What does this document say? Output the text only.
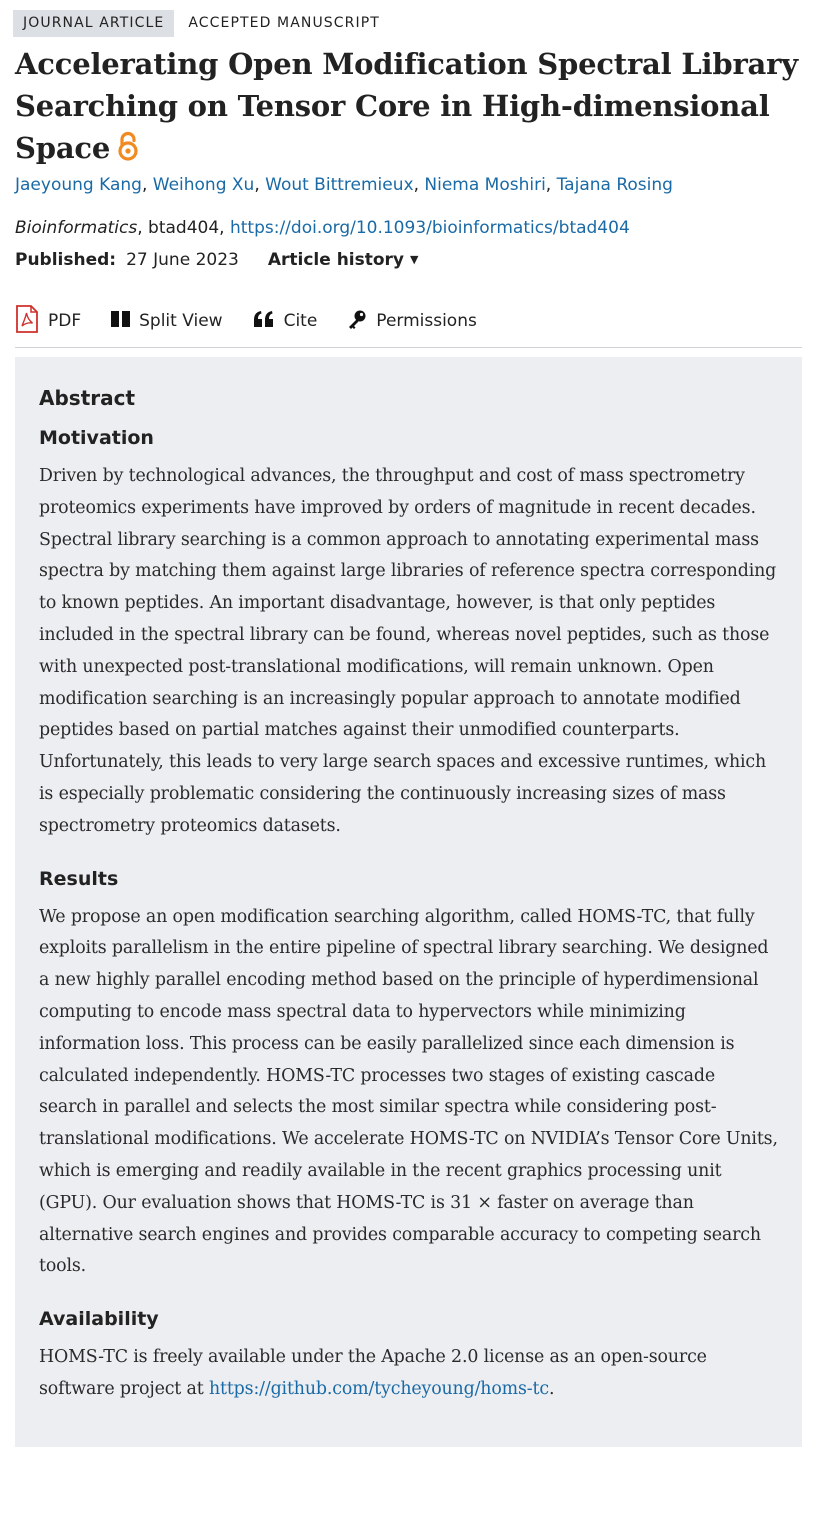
JOURNAL ARTICLE	ACCEPTED MANUSCRIPT
Accelerating Open Modification Spectral Library Searching on Tensor Core in High-dimensional Space
Jaeyoung Kang, Weihong Xu, Wout Bittremieux, Niema Moshiri, Tajana Rosing
Bioinformatics, btad404, https://doi.org/10.1093/bioinformatics/btad404
Published: 27 June 2023 Article history ▼
PDF	Split View	Cite	Permissions
Abstract
Motivation

Driven by technological advances, the throughput and cost of mass spectrometry proteomics experiments have improved by orders of magnitude in recent decades. Spectral library searching is a common approach to annotating experimental mass spectra by matching them against large libraries of reference spectra corresponding to known peptides. An important disadvantage, however, is that only peptides included in the spectral library can be found, whereas novel peptides, such as those with unexpected post-translational modifications, will remain unknown. Open modification searching is an increasingly popular approach to annotate modified peptides based on partial matches against their unmodified counterparts. Unfortunately, this leads to very large search spaces and excessive runtimes, which is especially problematic considering the continuously increasing sizes of mass spectrometry proteomics datasets.

Results

We propose an open modification searching algorithm, called HOMS-TC, that fully exploits parallelism in the entire pipeline of spectral library searching. We designed a new highly parallel encoding method based on the principle of hyperdimensional computing to encode mass spectral data to hypervectors while minimizing information loss. This process can be easily parallelized since each dimension is calculated independently. HOMS-TC processes two stages of existing cascade search in parallel and selects the most similar spectra while considering post-translational modifications. We accelerate HOMS-TC on NVIDIA’s Tensor Core Units, which is emerging and readily available in the recent graphics processing unit (GPU). Our evaluation shows that HOMS-TC is 31 × faster on average than alternative search engines and provides comparable accuracy to competing search tools.

Availability

HOMS-TC is freely available under the Apache 2.0 license as an open-source software project at https://github.com/tycheyoung/homs-tc.
